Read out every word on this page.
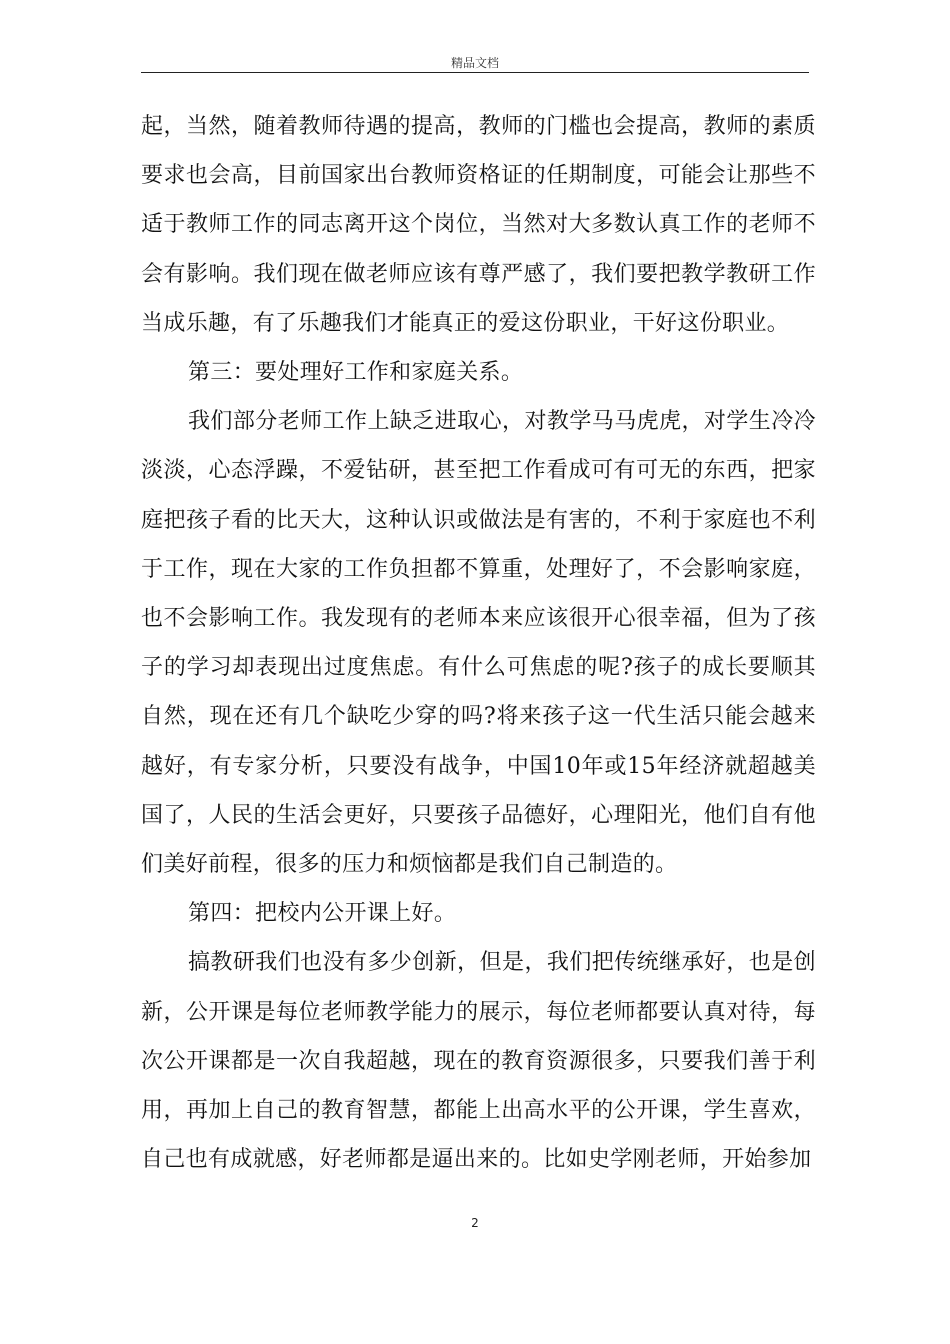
精品文档

起，当然，随着教师待遇的提高，教师的门槛也会提高，教师的素质要求也会高，目前国家出台教师资格证的任期制度，可能会让那些不适于教师工作的同志离开这个岗位，当然对大多数认真工作的老师不会有影响。我们现在做老师应该有尊严感了，我们要把教学教研工作当成乐趣，有了乐趣我们才能真正的爱这份职业，干好这份职业。

第三：要处理好工作和家庭关系。

我们部分老师工作上缺乏进取心，对教学马马虎虎，对学生冷冷淡淡，心态浮躁，不爱钻研，甚至把工作看成可有可无的东西，把家庭把孩子看的比天大，这种认识或做法是有害的，不利于家庭也不利于工作，现在大家的工作负担都不算重，处理好了，不会影响家庭，也不会影响工作。我发现有的老师本来应该很开心很幸福，但为了孩子的学习却表现出过度焦虑。有什么可焦虑的呢?孩子的成长要顺其自然，现在还有几个缺吃少穿的吗?将来孩子这一代生活只能会越来越好，有专家分析，只要没有战争，中国10年或15年经济就超越美国了，人民的生活会更好，只要孩子品德好，心理阳光，他们自有他们美好前程，很多的压力和烦恼都是我们自己制造的。

第四：把校内公开课上好。

搞教研我们也没有多少创新，但是，我们把传统继承好，也是创新，公开课是每位老师教学能力的展示，每位老师都要认真对待，每次公开课都是一次自我超越，现在的教育资源很多，只要我们善于利用，再加上自己的教育智慧，都能上出高水平的公开课，学生喜欢，自己也有成就感，好老师都是逼出来的。比如史学刚老师，开始参加

2
